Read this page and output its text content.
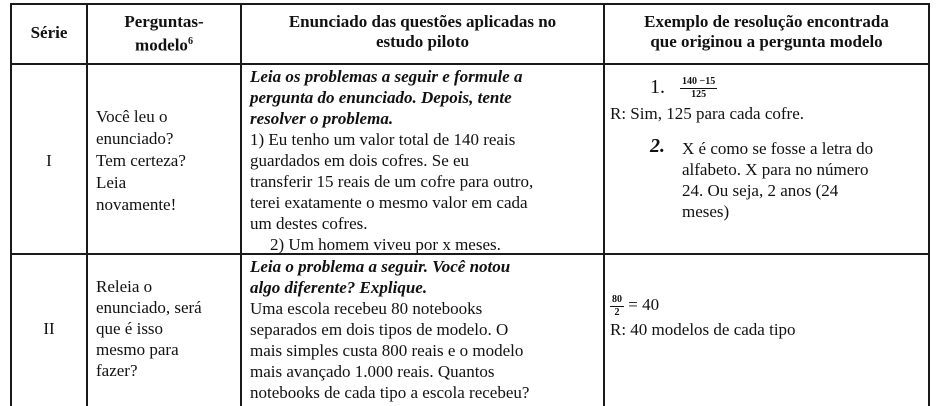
Série
Perguntas-
modelo$^6$
Enunciado das questões aplicadas no
estudo piloto
Exemplo de resolução encontrada
que originou a pergunta modelo
I
Você leu o
enunciado?
Tem certeza?
Leia
novamente!
Leia os problemas a seguir e formule a
pergunta do enunciado. Depois, tente
resolver o problema.
1) Eu tenho um valor total de 140 reais
guardados em dois cofres. Se eu
transferir 15 reais de um cofre para outro,
terei exatamente o mesmo valor em cada
um destes cofres.
2) Um homem viveu por x meses.
1. $\frac{140 -15}{125}$
R: Sim, 125 para cada cofre.
2. X é como se fosse a letra do
alfabeto. X para no número
24. Ou seja, 2 anos (24
meses)
II
Releia o
enunciado, será
que é isso
mesmo para
fazer?
Leia o problema a seguir. Você notou
algo diferente? Explique.
Uma escola recebeu 80 notebooks
separados em dois tipos de modelo. O
mais simples custa 800 reais e o modelo
mais avançado 1.000 reais. Quantos
notebooks de cada tipo a escola recebeu?
$\frac{80}{2} = 40$
R: 40 modelos de cada tipo
